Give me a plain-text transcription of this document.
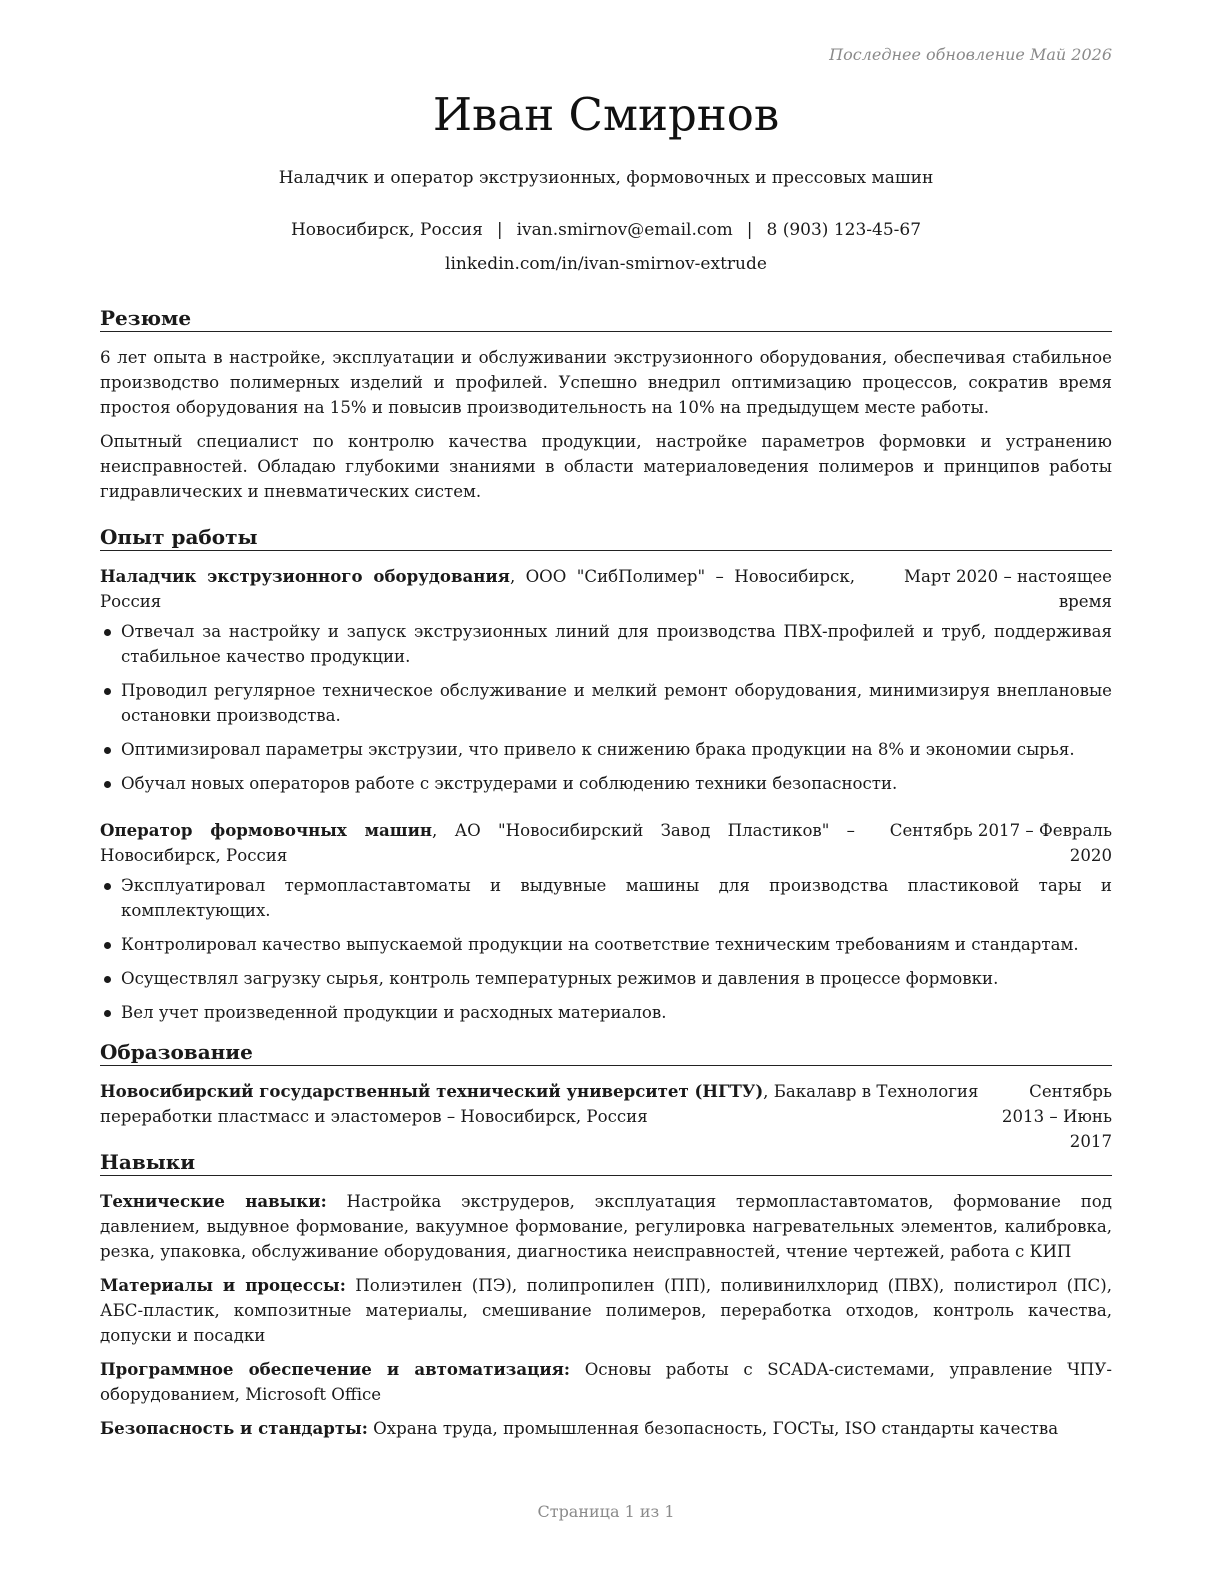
Последнее обновление Май 2026
Иван Смирнов
Наладчик и оператор экструзионных, формовочных и прессовых машин
Новосибирск, Россия | ivan.smirnov@email.com | 8 (903) 123-45-67
linkedin.com/in/ivan-smirnov-extrude
Резюме

6 лет опыта в настройке, эксплуатации и обслуживании экструзионного оборудования, обеспечивая стабильное производство полимерных изделий и профилей. Успешно внедрил оптимизацию процессов, сократив время простоя оборудования на 15% и повысив производительность на 10% на предыдущем месте работы.

Опытный специалист по контролю качества продукции, настройке параметров формовки и устранению неисправностей. Обладаю глубокими знаниями в области материаловедения полимеров и принципов работы гидравлических и пневматических систем.

Опыт работы
Наладчик экструзионного оборудования, ООО "СибПолимер" – Новосибирск, Россия
Март 2020 – настоящее время
Отвечал за настройку и запуск экструзионных линий для производства ПВХ-профилей и труб, поддерживая стабильное качество продукции.
Проводил регулярное техническое обслуживание и мелкий ремонт оборудования, минимизируя внеплановые остановки производства.
Оптимизировал параметры экструзии, что привело к снижению брака продукции на 8% и экономии сырья.
Обучал новых операторов работе с экструдерами и соблюдению техники безопасности.
Оператор формовочных машин, АО "Новосибирский Завод Пластиков" – Новосибирск, Россия
Сентябрь 2017 – Февраль 2020
Эксплуатировал термопластавтоматы и выдувные машины для производства пластиковой тары и комплектующих.
Контролировал качество выпускаемой продукции на соответствие техническим требованиям и стандартам.
Осуществлял загрузку сырья, контроль температурных режимов и давления в процессе формовки.
Вел учет произведенной продукции и расходных материалов.
Образование
Новосибирский государственный технический университет (НГТУ), Бакалавр в Технология переработки пластмасс и эластомеров – Новосибирск, Россия
Сентябрь 2013 – Июнь 2017
Навыки
Технические навыки: Настройка экструдеров, эксплуатация термопластавтоматов, формование под давлением, выдувное формование, вакуумное формование, регулировка нагревательных элементов, калибровка, резка, упаковка, обслуживание оборудования, диагностика неисправностей, чтение чертежей, работа с КИП
Материалы и процессы: Полиэтилен (ПЭ), полипропилен (ПП), поливинилхлорид (ПВХ), полистирол (ПС), АБС-пластик, композитные материалы, смешивание полимеров, переработка отходов, контроль качества, допуски и посадки
Программное обеспечение и автоматизация: Основы работы с SCADA-системами, управление ЧПУ-оборудованием, Microsoft Office
Безопасность и стандарты: Охрана труда, промышленная безопасность, ГОСТы, ISO стандарты качества
Страница 1 из 1
